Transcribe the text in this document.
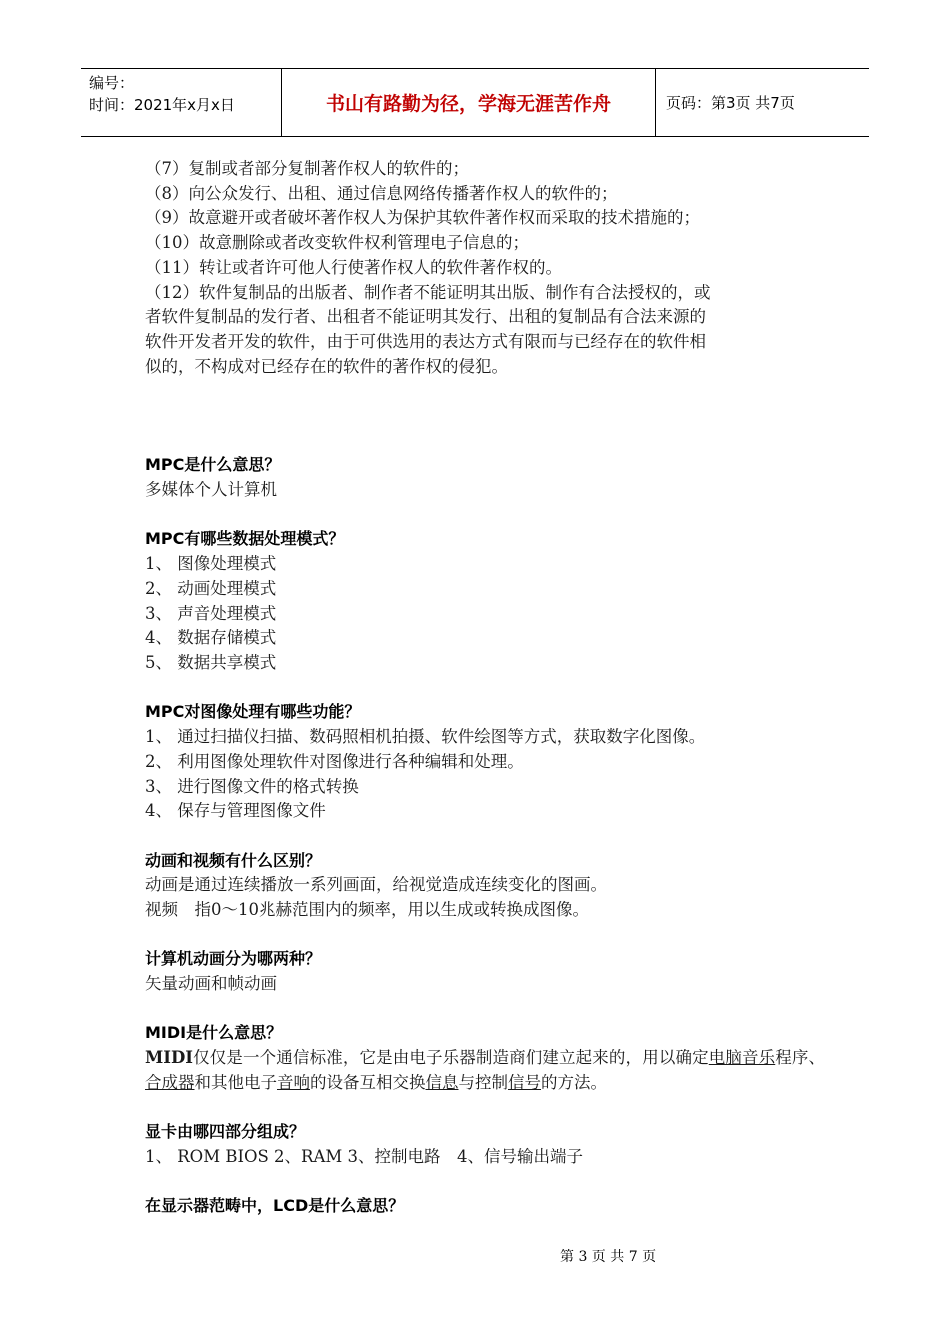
编号：
时间：2021年x月x日	书山有路勤为径，学海无涯苦作舟	页码：第3页 共7页
（7）复制或者部分复制著作权人的软件的；
（8）向公众发行、出租、通过信息网络传播著作权人的软件的；
（9）故意避开或者破坏著作权人为保护其软件著作权而采取的技术措施的；
（10）故意删除或者改变软件权利管理电子信息的；
（11）转让或者许可他人行使著作权人的软件著作权的。
（12）软件复制品的出版者、制作者不能证明其出版、制作有合法授权的，或
者软件复制品的发行者、出租者不能证明其发行、出租的复制品有合法来源的
软件开发者开发的软件，由于可供选用的表达方式有限而与已经存在的软件相
似的，不构成对已经存在的软件的著作权的侵犯。
MPC是什么意思？
多媒体个人计算机
MPC有哪些数据处理模式？
1、 图像处理模式
2、 动画处理模式
3、 声音处理模式
4、 数据存储模式
5、 数据共享模式
MPC对图像处理有哪些功能？
1、 通过扫描仪扫描、数码照相机拍摄、软件绘图等方式，获取数字化图像。
2、 利用图像处理软件对图像进行各种编辑和处理。
3、 进行图像文件的格式转换
4、 保存与管理图像文件
动画和视频有什么区别？
动画是通过连续播放一系列画面，给视觉造成连续变化的图画。
视频　指0～10兆赫范围内的频率，用以生成或转换成图像。
计算机动画分为哪两种？
矢量动画和帧动画
MIDI是什么意思？
MIDI仅仅是一个通信标准，它是由电子乐器制造商们建立起来的，用以确定电脑音乐程序、合成器和其他电子音响的设备互相交换信息与控制信号的方法。
显卡由哪四部分组成？
1、 ROM BIOS 2、RAM 3、控制电路　4、信号输出端子
在显示器范畴中，LCD是什么意思？
第 3 页 共 7 页
